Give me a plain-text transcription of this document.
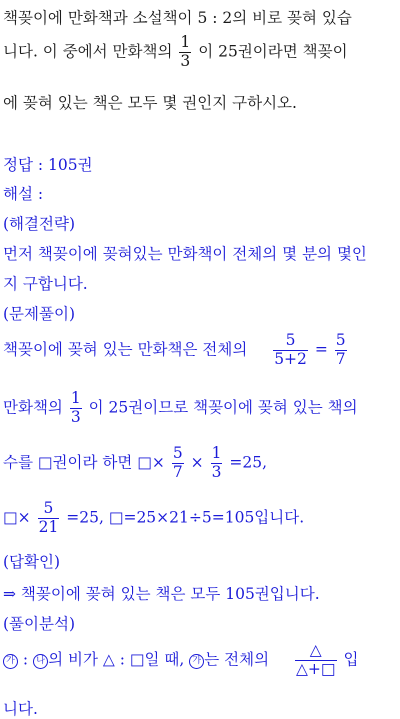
책꽂이에 만화책과 소설책이 5 : 2의 비로 꽂혀 있습
니다. 이 중에서 만화책의 $\frac{1}{3}$ 이 25권이라면 책꽂이
에 꽂혀 있는 책은 모두 몇 권인지 구하시오.
정답 : 105권
해설 :
(해결전략)
먼저 책꽂이에 꽂혀있는 만화책이 전체의 몇 분의 몇인
지 구합니다.
(문제풀이)
책꽂이에 꽂혀 있는 만화책은 전체의 $\frac{5}{5+2} = \frac{5}{7}$
만화책의 $\frac{1}{3}$ 이 25권이므로 책꽂이에 꽂혀 있는 책의
수를 □권이라 하면 □× $\frac{5}{7} \times \frac{1}{3} =25$,
□× $\frac{5}{21} =25$, □=25×21÷5=105입니다.
(답확인)
⇒ 책꽂이에 꽂혀 있는 책은 모두 105권입니다.
(풀이분석)
가 : 나 의 비가 △ : □일 때, 가 는 전체의 $\frac{\triangle}{\triangle+□}$ 입
니다.
